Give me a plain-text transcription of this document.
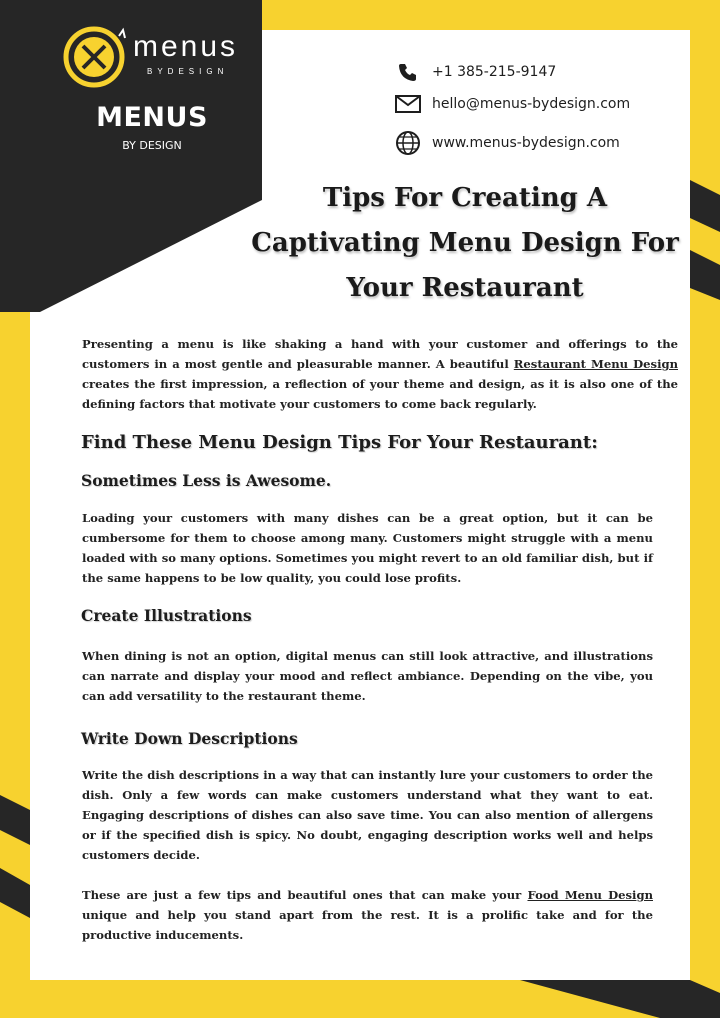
menus
BYDESIGN
MENUS
BY DESIGN
+1 385-215-9147
hello@menus-bydesign.com
www.menus-bydesign.com
Tips For Creating A
Captivating Menu Design For
Your Restaurant
Presenting a menu is like shaking a hand with your customer and offerings to the customers in a most gentle and pleasurable manner. A beautiful Restaurant Menu Design creates the first impression, a reflection of your theme and design, as it is also one of the defining factors that motivate your customers to come back regularly.
Find These Menu Design Tips For Your Restaurant:
Sometimes Less is Awesome.
Loading your customers with many dishes can be a great option, but it can be cumbersome for them to choose among many. Customers might struggle with a menu loaded with so many options. Sometimes you might revert to an old familiar dish, but if the same happens to be low quality, you could lose profits.
Create Illustrations
When dining is not an option, digital menus can still look attractive, and illustrations can narrate and display your mood and reflect ambiance. Depending on the vibe, you can add versatility to the restaurant theme.
Write Down Descriptions
Write the dish descriptions in a way that can instantly lure your customers to order the dish. Only a few words can make customers understand what they want to eat. Engaging descriptions of dishes can also save time. You can also mention of allergens or if the specified dish is spicy. No doubt, engaging description works well and helps customers decide.
These are just a few tips and beautiful ones that can make your Food Menu Design unique and help you stand apart from the rest. It is a prolific take and for the productive inducements.
